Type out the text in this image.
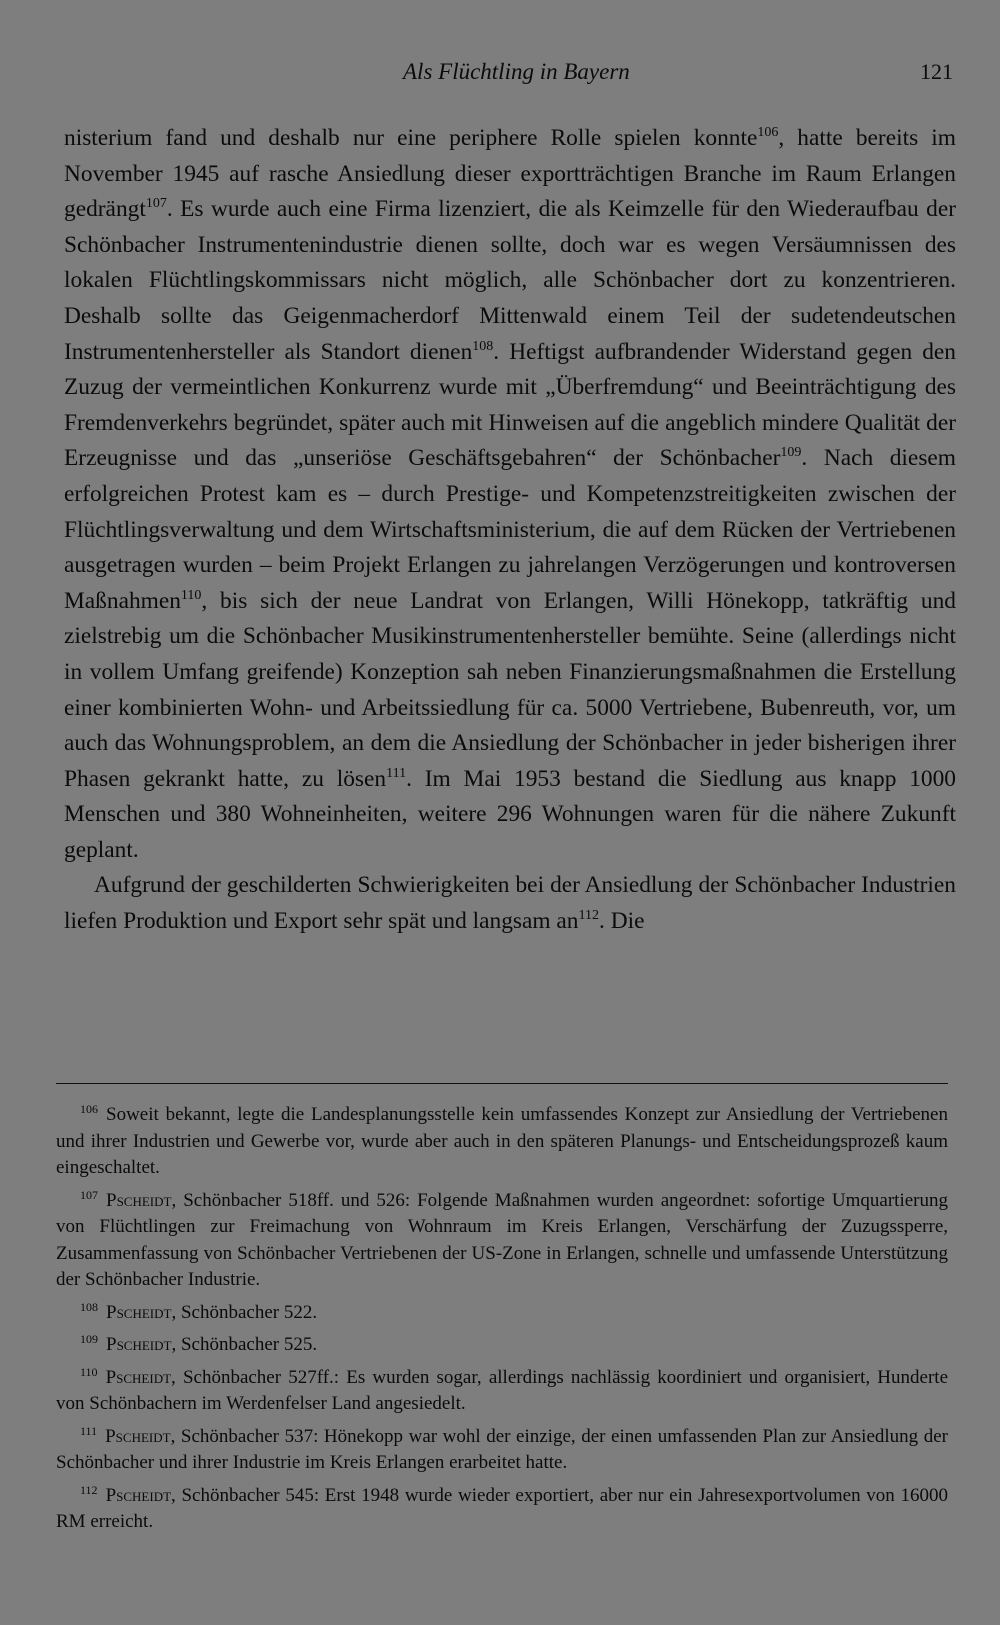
Als Flüchtling in Bayern	121

nisterium fand und deshalb nur eine periphere Rolle spielen konnte$^{106}$, hatte bereits im November 1945 auf rasche Ansiedlung dieser exportträchtigen Branche im Raum Erlangen gedrängt$^{107}$. Es wurde auch eine Firma lizenziert, die als Keimzelle für den Wiederaufbau der Schönbacher Instrumentenindustrie dienen sollte, doch war es wegen Versäumnissen des lokalen Flüchtlingskommissars nicht möglich, alle Schönbacher dort zu konzentrieren. Deshalb sollte das Geigenmacherdorf Mittenwald einem Teil der sudetendeutschen Instrumentenhersteller als Standort dienen$^{108}$. Heftigst aufbrandender Widerstand gegen den Zuzug der vermeintlichen Konkurrenz wurde mit „Überfremdung“ und Beeinträchtigung des Fremdenverkehrs begründet, später auch mit Hinweisen auf die angeblich mindere Qualität der Erzeugnisse und das „unseriöse Geschäftsgebahren“ der Schönbacher$^{109}$. Nach diesem erfolgreichen Protest kam es – durch Prestige- und Kompetenzstreitigkeiten zwischen der Flüchtlingsverwaltung und dem Wirtschaftsministerium, die auf dem Rücken der Vertriebenen ausgetragen wurden – beim Projekt Erlangen zu jahrelangen Verzögerungen und kontroversen Maßnahmen$^{110}$, bis sich der neue Landrat von Erlangen, Willi Hönekopp, tatkräftig und zielstrebig um die Schönbacher Musikinstrumentenhersteller bemühte. Seine (allerdings nicht in vollem Umfang greifende) Konzeption sah neben Finanzierungsmaßnahmen die Erstellung einer kombinierten Wohn- und Arbeitssiedlung für ca. 5000 Vertriebene, Bubenreuth, vor, um auch das Wohnungsproblem, an dem die Ansiedlung der Schönbacher in jeder bisherigen ihrer Phasen gekrankt hatte, zu lösen$^{111}$. Im Mai 1953 bestand die Siedlung aus knapp 1000 Menschen und 380 Wohneinheiten, weitere 296 Wohnungen waren für die nähere Zukunft geplant.

Aufgrund der geschilderten Schwierigkeiten bei der Ansiedlung der Schönbacher Industrien liefen Produktion und Export sehr spät und langsam $an^{112}$. Die

$^{106}$ Soweit bekannt, legte die Landesplanungsstelle kein umfassendes Konzept zur Ansiedlung der Vertriebenen und ihrer Industrien und Gewerbe vor, wurde aber auch in den späteren Planungs- und Entscheidungsprozeß kaum eingeschaltet.

$^{107}$ Pscheidt, Schönbacher 518ff. und 526: Folgende Maßnahmen wurden angeordnet: sofortige Umquartierung von Flüchtlingen zur Freimachung von Wohnraum im Kreis Erlangen, Verschärfung der Zuzugssperre, Zusammenfassung von Schönbacher Vertriebenen der US-Zone in Erlangen, schnelle und umfassende Unterstützung der Schönbacher Industrie.

$^{108}$ Pscheidt, Schönbacher 522.

$^{109}$ Pscheidt, Schönbacher 525.

$^{110}$ Pscheidt, Schönbacher 527ff.: Es wurden sogar, allerdings nachlässig koordiniert und organisiert, Hunderte von Schönbachern im Werdenfelser Land angesiedelt.

$^{111}$ Pscheidt, Schönbacher 537: Hönekopp war wohl der einzige, der einen umfassenden Plan zur Ansiedlung der Schönbacher und ihrer Industrie im Kreis Erlangen erarbeitet hatte.

$^{112}$ Pscheidt, Schönbacher 545: Erst 1948 wurde wieder exportiert, aber nur ein Jahresexportvolumen von 16000 RM erreicht.
